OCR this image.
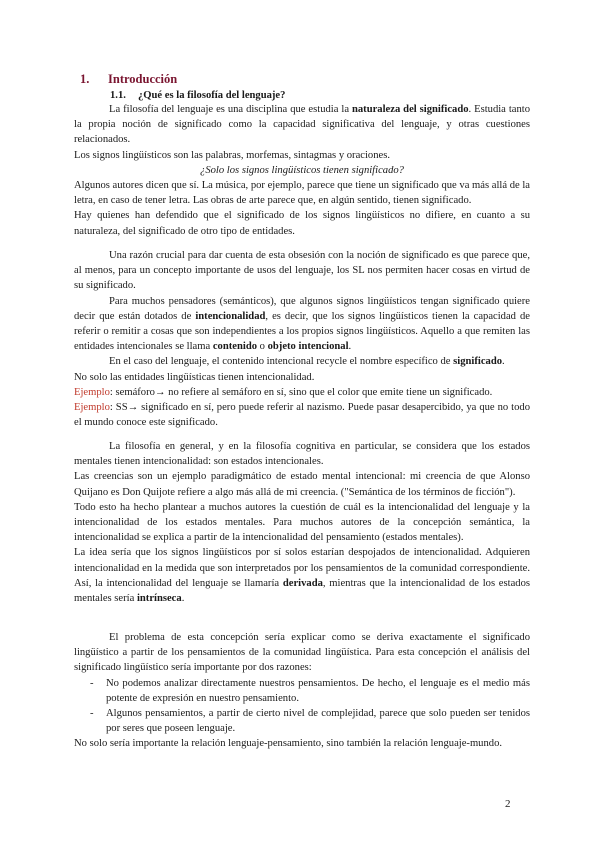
1. Introducción
1.1. ¿Qué es la filosofía del lenguaje?

La filosofía del lenguaje es una disciplina que estudia la naturaleza del significado. Estudia tanto la propia noción de significado como la capacidad significativa del lenguaje, y otras cuestiones relacionados.

Los signos lingüísticos son las palabras, morfemas, sintagmas y oraciones.

¿Solo los signos lingüísticos tienen significado?

Algunos autores dicen que sí. La música, por ejemplo, parece que tiene un significado que va más allá de la letra, en caso de tener letra. Las obras de arte parece que, en algún sentido, tienen significado.

Hay quienes han defendido que el significado de los signos lingüísticos no difiere, en cuanto a su naturaleza, del significado de otro tipo de entidades.

Una razón crucial para dar cuenta de esta obsesión con la noción de significado es que parece que, al menos, para un concepto importante de usos del lenguaje, los SL nos permiten hacer cosas en virtud de su significado.

Para muchos pensadores (semánticos), que algunos signos lingüísticos tengan significado quiere decir que están dotados de intencionalidad, es decir, que los signos lingüísticos tienen la capacidad de referir o remitir a cosas que son independientes a los propios signos lingüísticos. Aquello a que remiten las entidades intencionales se llama contenido o objeto intencional.

En el caso del lenguaje, el contenido intencional recycle el nombre específico de significado.

No solo las entidades lingüísticas tienen intencionalidad.

Ejemplo: semáforo→ no refiere al semáforo en sí, sino que el color que emite tiene un significado.

Ejemplo: SS→ significado en sí, pero puede referir al nazismo. Puede pasar desapercibido, ya que no todo el mundo conoce este significado.

La filosofía en general, y en la filosofía cognitiva en particular, se considera que los estados mentales tienen intencionalidad: son estados intencionales.

Las creencias son un ejemplo paradigmático de estado mental intencional: mi creencia de que Alonso Quijano es Don Quijote refiere a algo más allá de mi creencia. ("Semántica de los términos de ficción").

Todo esto ha hecho plantear a muchos autores la cuestión de cuál es la intencionalidad del lenguaje y la intencionalidad de los estados mentales. Para muchos autores de la concepción semántica, la intencionalidad se explica a partir de la intencionalidad del pensamiento (estados mentales).

La idea sería que los signos lingüísticos por sí solos estarían despojados de intencionalidad. Adquieren intencionalidad en la medida que son interpretados por los pensamientos de la comunidad correspondiente. Así, la intencionalidad del lenguaje se llamaría derivada, mientras que la intencionalidad de los estados mentales sería intrínseca.

El problema de esta concepción sería explicar como se deriva exactamente el significado lingüístico a partir de los pensamientos de la comunidad lingüística. Para esta concepción el análisis del significado lingüístico sería importante por dos razones:

- No podemos analizar directamente nuestros pensamientos. De hecho, el lenguaje es el medio más potente de expresión en nuestro pensamiento.
- Algunos pensamientos, a partir de cierto nivel de complejidad, parece que solo pueden ser tenidos por seres que poseen lenguaje.

No solo sería importante la relación lenguaje-pensamiento, sino también la relación lenguaje-mundo.

2
